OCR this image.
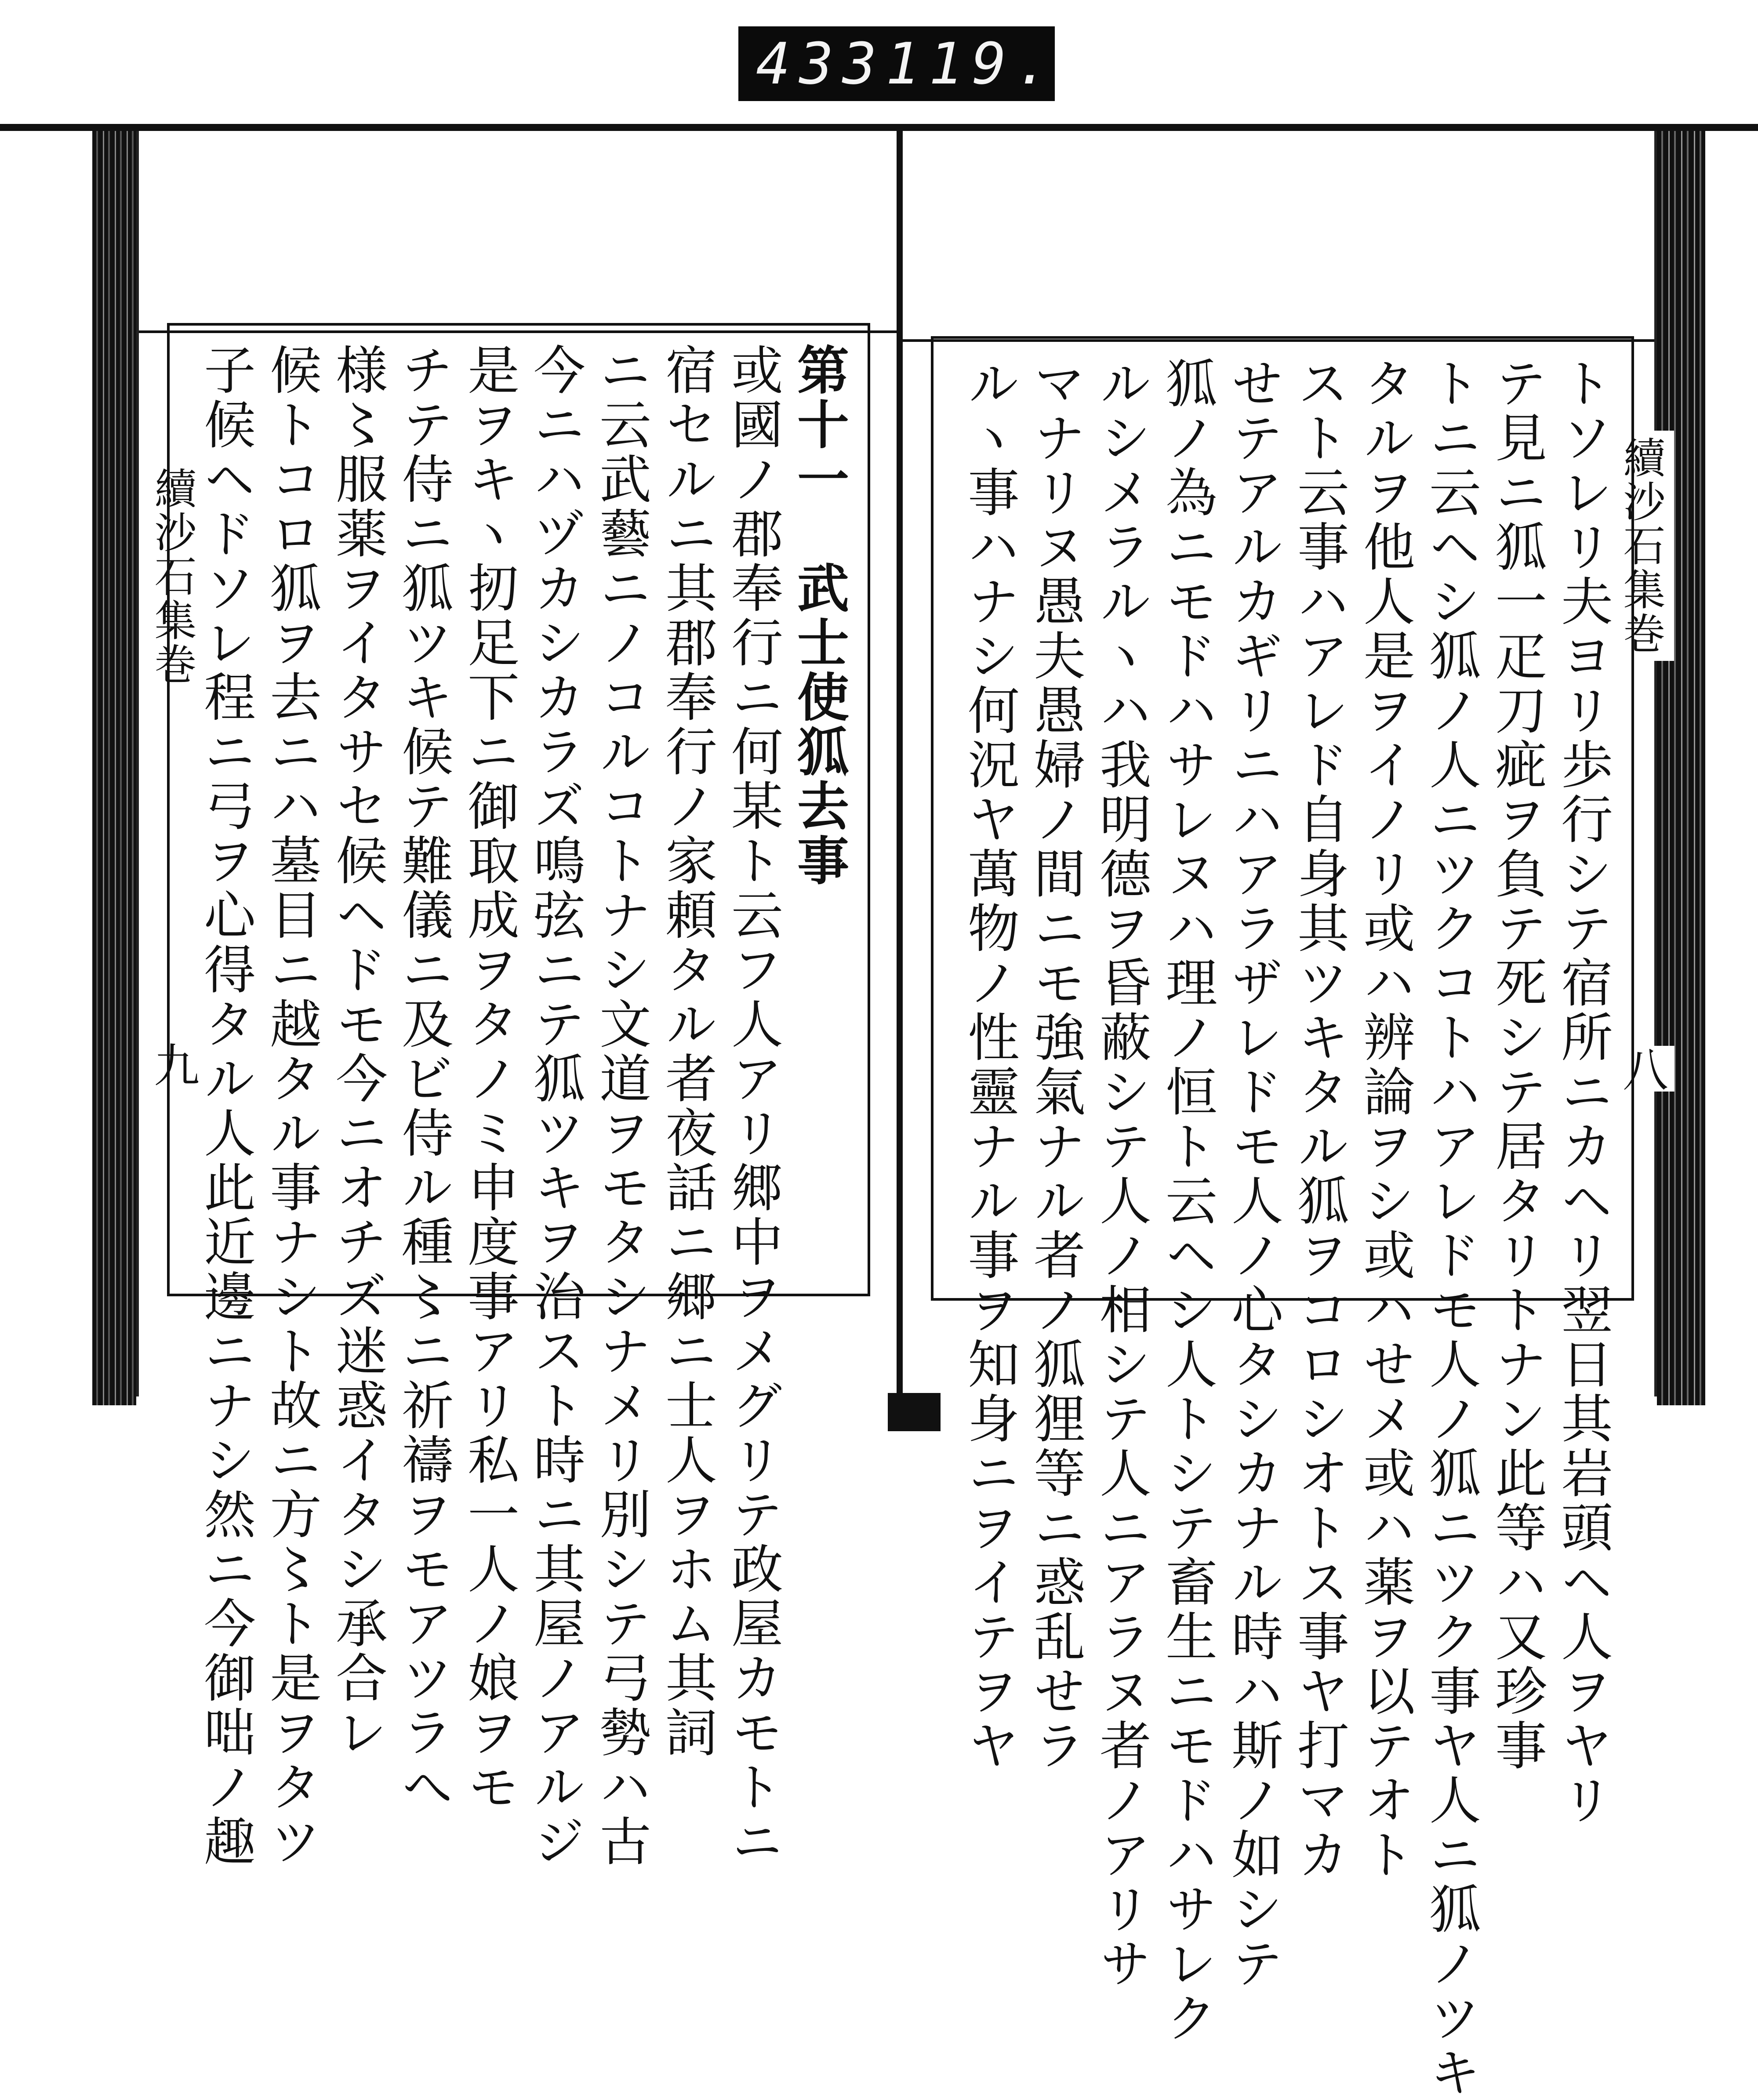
433 119.
續沙石集巻
九
續沙石集巻
八
第十一　武士使狐去事
或國ノ郡奉行ニ何某ト云フ人アリ郷中ヲメグリテ政屋カモトニ
宿セルニ其郡奉行ノ家頼タル者夜話ニ郷ニ士人ヲホム其詞
ニ云武藝ニノコルコトナシ文道ヲモタシナメリ別シテ弓勢ハ古
今ニハヅカシカラズ鳴弦ニテ狐ツキヲ治スト時ニ其屋ノアルジ
是ヲキヽ扨足下ニ御取成ヲタノミ申度事アリ私一人ノ娘ヲモ
チテ侍ニ狐ツキ候テ難儀ニ及ビ侍ル種〻ニ祈禱ヲモアツラへ
様〻服薬ヲイタサセ候ヘドモ今ニオチズ迷惑イタシ承合レ
候トコロ狐ヲ去ニハ墓目ニ越タル事ナシト故ニ方〻ト是ヲタツ
子候ヘドソレ程ニ弓ヲ心得タル人此近邊ニナシ然ニ今御咄ノ趣	トソレリ夫ヨリ歩行シテ宿所ニカヘリ翌日其岩頭ヘ人ヲヤリ
テ見ニ狐一疋刀疵ヲ負テ死シテ居タリトナン此等ハ又珍事
トニ云ヘシ狐ノ人ニツクコトハアレドモ人ノ狐ニツク事ヤ人ニ狐ノツキ
タルヲ他人是ヲイノリ或ハ辨論ヲシ或ハせメ或ハ薬ヲ以テオト
スト云事ハアレド自身其ツキタル狐ヲコロシオトス事ヤ打マカ
せテアルカギリニハアラザレドモ人ノ心タシカナル時ハ斯ノ如シテ
狐ノ為ニモドハサレヌハ理ノ恒ト云ヘシ人トシテ畜生ニモドハサレク
ルシメラルヽハ我明德ヲ昏蔽シテ人ノ相シテ人ニアラヌ者ノアリサ
マナリヌ愚夫愚婦ノ間ニモ強氣ナル者ノ狐狸等ニ惑乱せラ
ルヽ事ハナシ何況ヤ萬物ノ性靈ナル事ヲ知身ニヲイテヲヤ
